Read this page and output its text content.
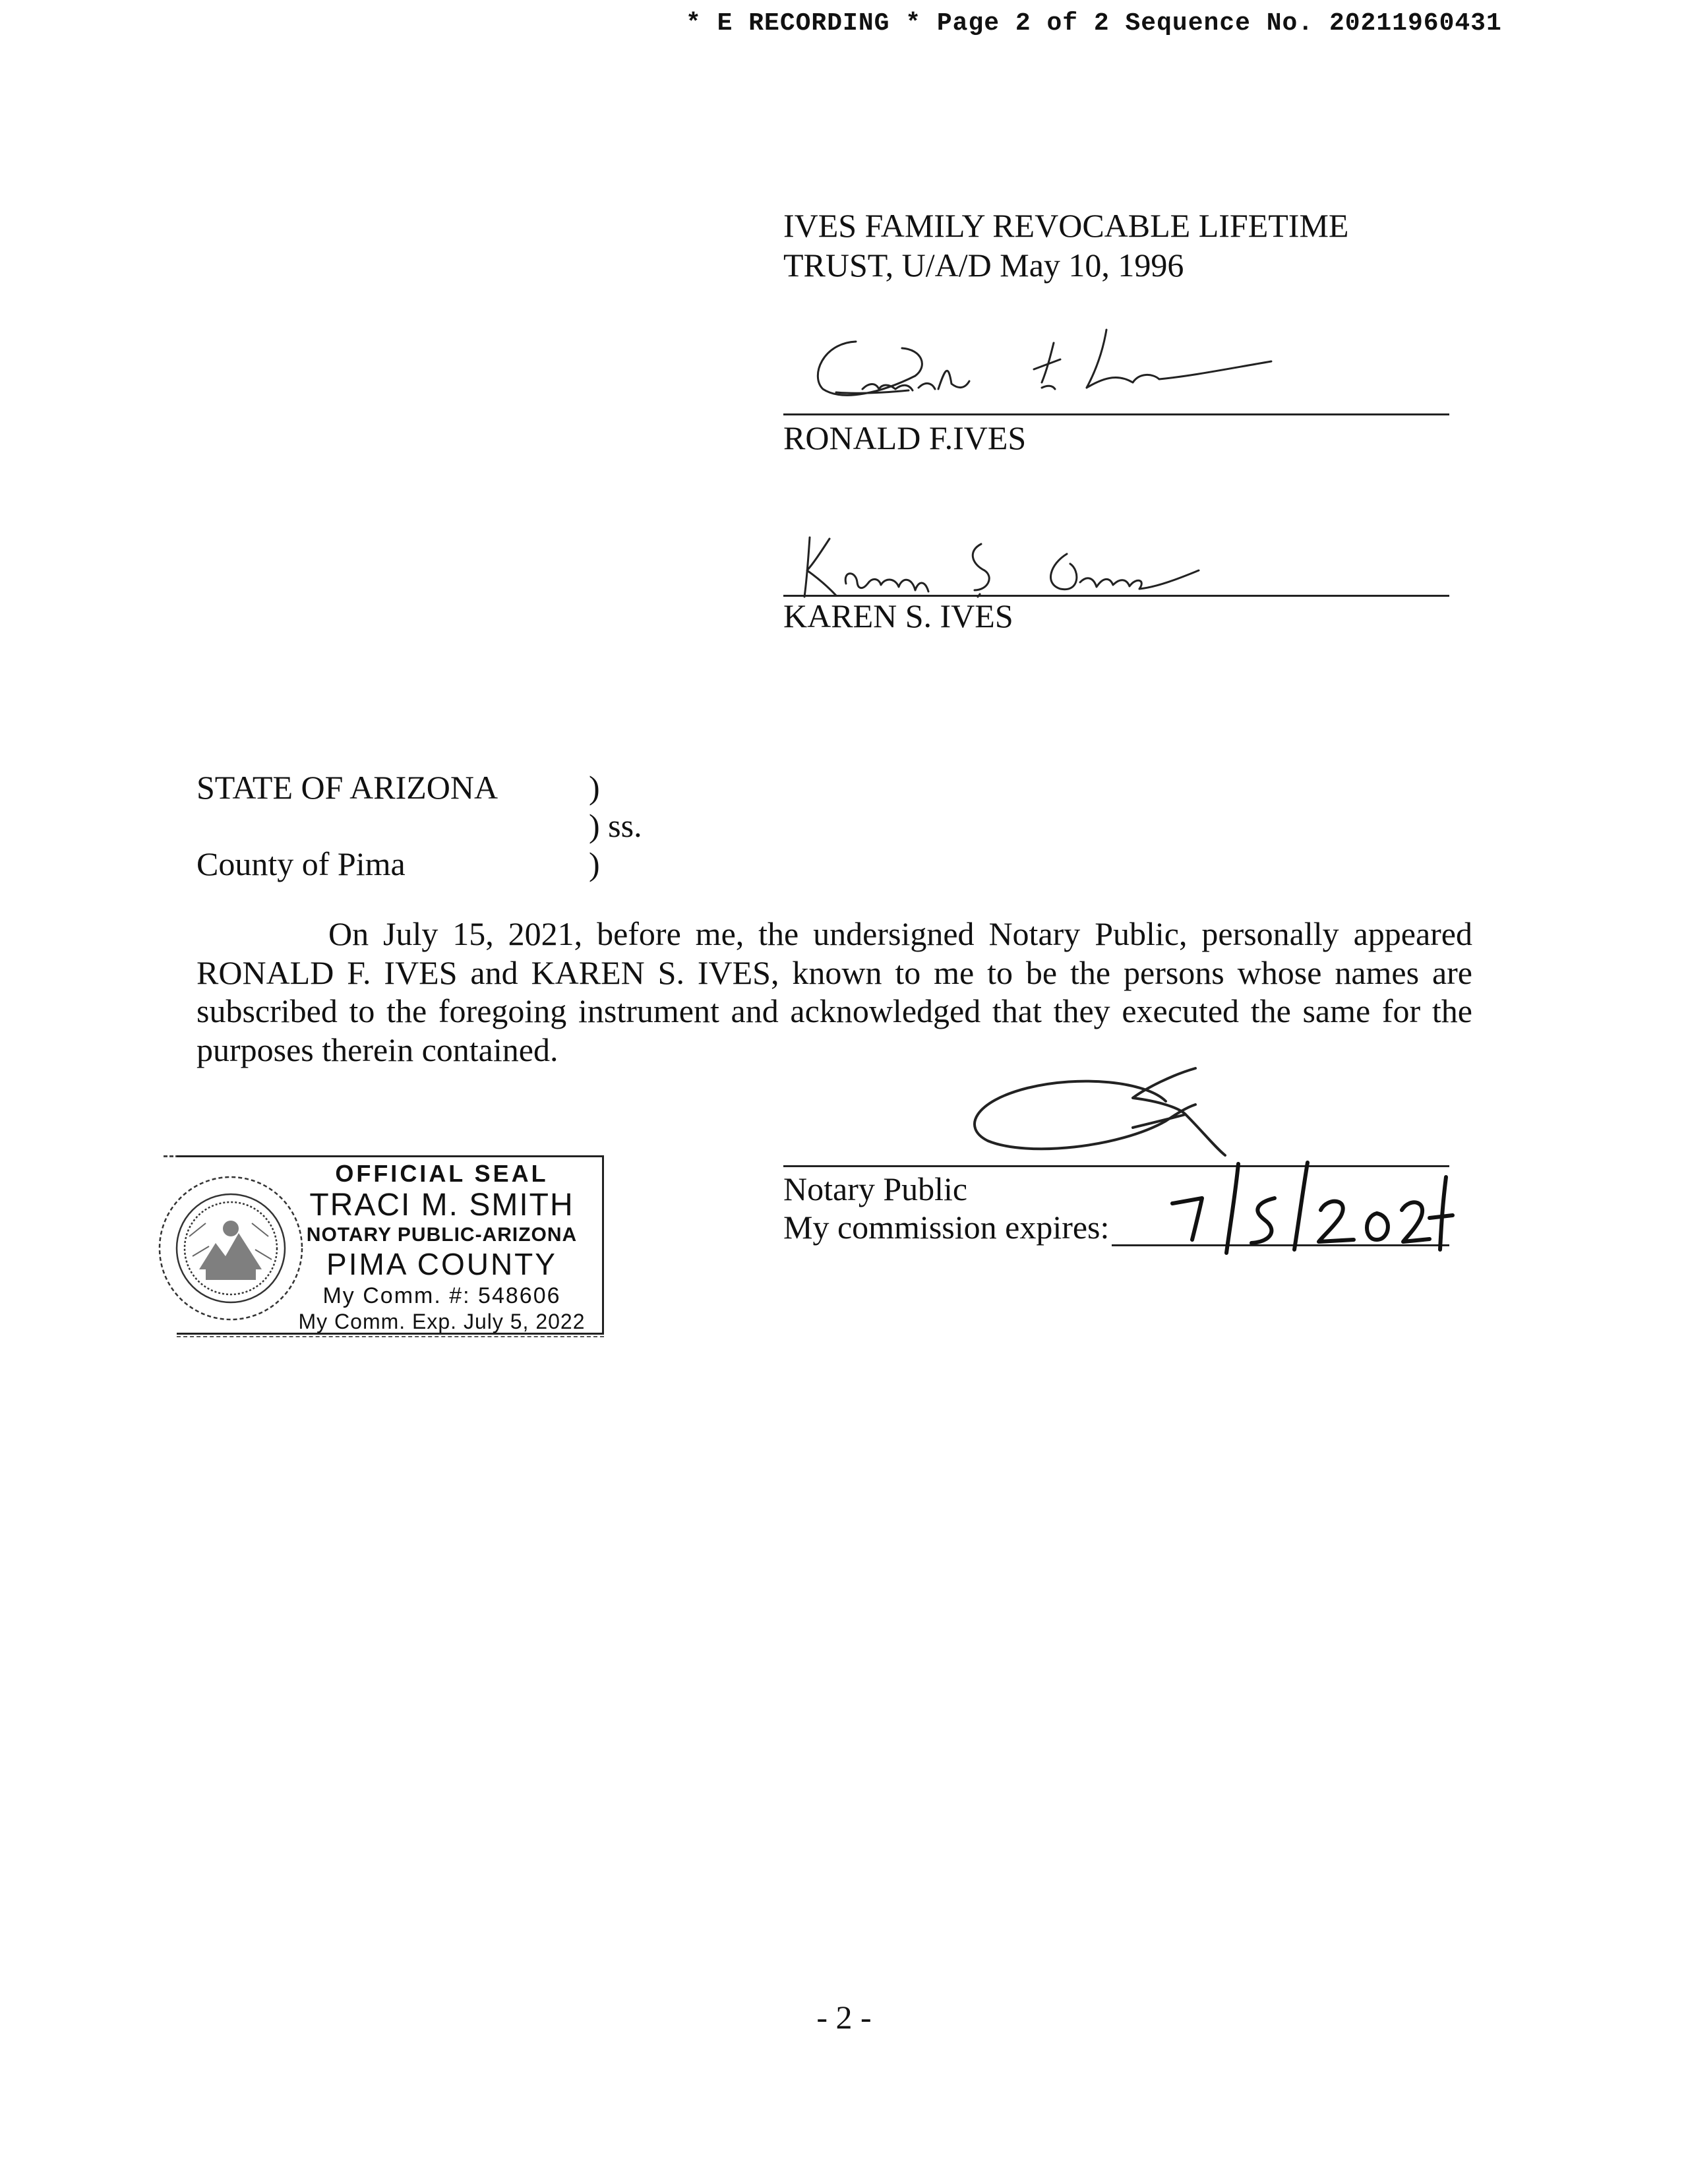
* E RECORDING * Page 2 of 2 Sequence No. 20211960431
IVES FAMILY REVOCABLE LIFETIME
TRUST, U/A/D May 10, 1996
RONALD F.IVES
KAREN S. IVES
STATE OF ARIZONA	)
) ss.
County of Pima	)
On July 15, 2021, before me, the undersigned Notary Public, personally appeared RONALD F. IVES and KAREN S. IVES, known to me to be the persons whose names are subscribed to the foregoing instrument and acknowledged that they executed the same for the purposes therein contained.
Notary Public
My commission expires:
OFFICIAL SEAL
TRACI M. SMITH
NOTARY PUBLIC-ARIZONA
PIMA COUNTY
My Comm. #: 548606
My Comm. Exp. July 5, 2022
- 2 -
